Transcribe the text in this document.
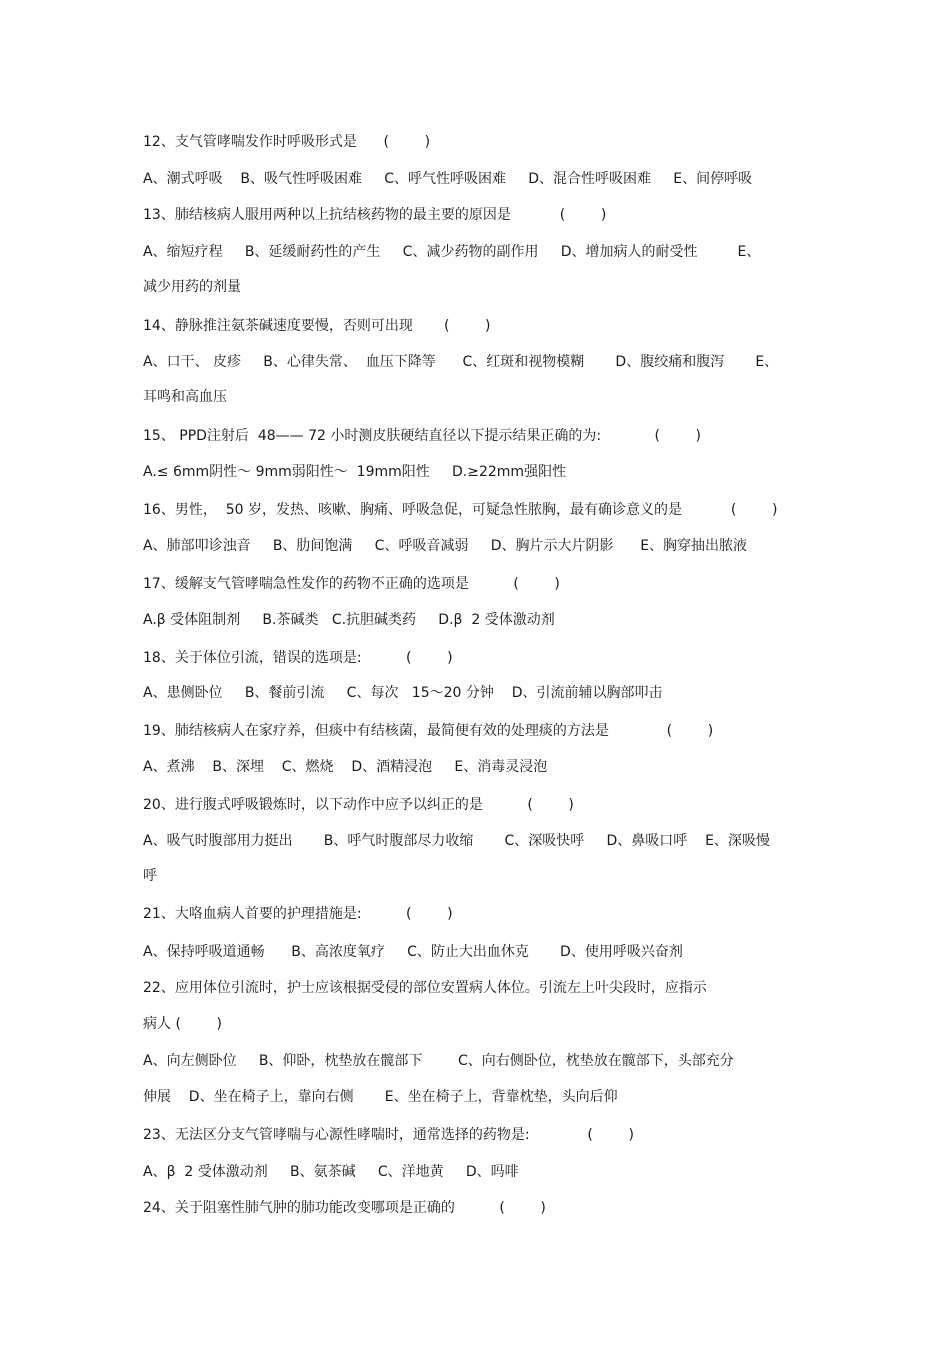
12、支气管哮喘发作时呼吸形式是      (        )
A、潮式呼吸    B、吸气性呼吸困难     C、呼气性呼吸困难     D、混合性呼吸困难     E、间停呼吸
13、肺结核病人服用两种以上抗结核药物的最主要的原因是           (        )
A、缩短疗程     B、延缓耐药性的产生     C、减少药物的副作用     D、增加病人的耐受性         E、
减少用药的剂量
14、静脉推注氨茶碱速度要慢，否则可出现       (        )
A、口干、 皮疹     B、心律失常、  血压下降等      C、红斑和视物模糊       D、腹绞痛和腹泻       E、
耳鸣和高血压
15、 PPD注射后  48—— 72 小时测皮肤硬结直径以下提示结果正确的为:            (        )
A.≤ 6mm阴性～ 9mm弱阳性～  19mm阳性     D.≥22mm强阳性
16、男性，  50 岁，发热、咳嗽、胸痛、呼吸急促，可疑急性脓胸，最有确诊意义的是           (        )
A、肺部叩诊浊音     B、肋间饱满     C、呼吸音减弱     D、胸片示大片阴影      E、胸穿抽出脓液
17、缓解支气管哮喘急性发作的药物不正确的选项是          (        )
A.β 受体阻制剂     B.茶碱类   C.抗胆碱类药     D.β  2 受体激动剂
18、关于体位引流，错误的选项是:          (        )
A、患侧卧位     B、餐前引流     C、每次   15～20 分钟    D、引流前辅以胸部叩击
19、肺结核病人在家疗养，但痰中有结核菌，最简便有效的处理痰的方法是             (        )
A、煮沸    B、深埋    C、燃烧    D、酒精浸泡     E、消毒灵浸泡
20、进行腹式呼吸锻炼时，以下动作中应予以纠正的是          (        )
A、吸气时腹部用力挺出       B、呼气时腹部尽力收缩       C、深吸快呼     D、鼻吸口呼    E、深吸慢
呼
21、大咯血病人首要的护理措施是:          (        )
A、保持呼吸道通畅      B、高浓度氧疗     C、防止大出血休克       D、使用呼吸兴奋剂
22、应用体位引流时，护士应该根据受侵的部位安置病人体位。引流左上叶尖段时，应指示
病人 (        )
A、向左侧卧位     B、仰卧，枕垫放在髋部下        C、向右侧卧位，枕垫放在髋部下，头部充分
伸展    D、坐在椅子上，靠向右侧       E、坐在椅子上，背靠枕垫，头向后仰
23、无法区分支气管哮喘与心源性哮喘时，通常选择的药物是:             (        )
A、β  2 受体激动剂     B、氨茶碱     C、洋地黄     D、吗啡
24、关于阻塞性肺气肿的肺功能改变哪项是正确的          (        )
